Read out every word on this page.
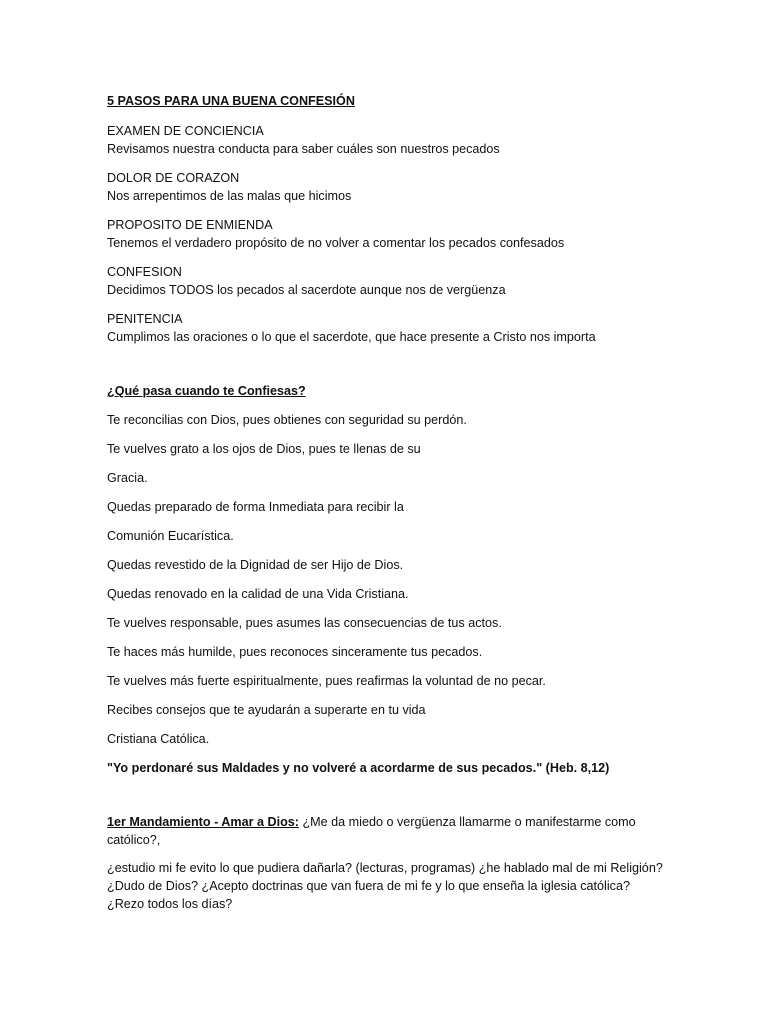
5 PASOS PARA UNA BUENA CONFESIÓN
EXAMEN DE CONCIENCIA
Revisamos nuestra conducta para saber cuáles son nuestros pecados
DOLOR DE CORAZON
Nos arrepentimos de las malas que hicimos
PROPOSITO DE ENMIENDA
Tenemos el verdadero propósito de no volver a comentar los pecados confesados
CONFESION
Decidimos TODOS los pecados al sacerdote aunque nos de vergüenza
PENITENCIA
Cumplimos las oraciones o lo que el sacerdote, que hace presente a Cristo nos importa
¿Qué pasa cuando te Confiesas?
Te reconcilias con Dios, pues obtienes con seguridad su perdón.
Te vuelves grato a los ojos de Dios, pues te llenas de su
Gracia.
Quedas preparado de forma Inmediata para recibir la
Comunión Eucarística.
Quedas revestido de la Dignidad de ser Hijo de Dios.
Quedas renovado en la calidad de una Vida Cristiana.
Te vuelves responsable, pues asumes las consecuencias de tus actos.
Te haces más humilde, pues reconoces sinceramente tus pecados.
Te vuelves más fuerte espiritualmente, pues reafirmas la voluntad de no pecar.
Recibes consejos que te ayudarán a superarte en tu vida
Cristiana Católica.
"Yo perdonaré sus Maldades y no volveré a acordarme de sus pecados." (Heb. 8,12)

1er Mandamiento - Amar a Dios: ¿Me da miedo o vergüenza llamarme o manifestarme como católico?,

¿estudio mi fe evito lo que pudiera dañarla? (lecturas, programas) ¿he hablado mal de mi Religión? ¿Dudo de Dios? ¿Acepto doctrinas que van fuera de mi fe y lo que enseña la iglesia católica? ¿Rezo todos los días?
